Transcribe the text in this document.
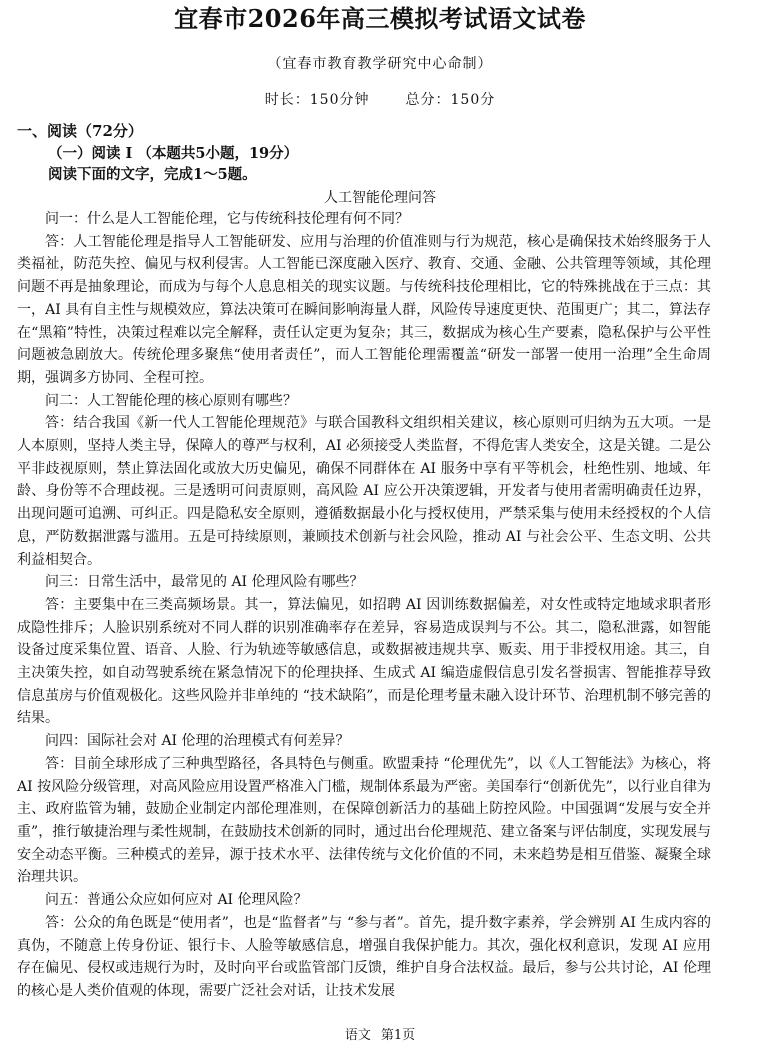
宜春市2026年高三模拟考试语文试卷
（宜春市教育教学研究中心命制）
时长：150分钟	总分：150分
一、阅读（72分）
（一）阅读 I （本题共5小题，19分）
阅读下面的文字，完成1～5题。
人工智能伦理问答

问一：什么是人工智能伦理，它与传统科技伦理有何不同？

答：人工智能伦理是指导人工智能研发、应用与治理的价值准则与行为规范，核心是确保技术始终服务于人类福祉，防范失控、偏见与权利侵害。人工智能已深度融入医疗、教育、交通、金融、公共管理等领域，其伦理问题不再是抽象理论，而成为与每个人息息相关的现实议题。与传统科技伦理相比，它的特殊挑战在于三点：其一，AI 具有自主性与规模效应，算法决策可在瞬间影响海量人群，风险传导速度更快、范围更广；其二，算法存在“黑箱”特性，决策过程难以完全解释，责任认定更为复杂；其三，数据成为核心生产要素，隐私保护与公平性问题被急剧放大。传统伦理多聚焦“使用者责任”，而人工智能伦理需覆盖“研发一部署一使用一治理”全生命周期，强调多方协同、全程可控。

问二：人工智能伦理的核心原则有哪些？

答：结合我国《新一代人工智能伦理规范》与联合国教科文组织相关建议，核心原则可归纳为五大项。一是人本原则，坚持人类主导，保障人的尊严与权利，AI 必须接受人类监督，不得危害人类安全，这是关键。二是公平非歧视原则，禁止算法固化或放大历史偏见，确保不同群体在 AI 服务中享有平等机会，杜绝性别、地域、年龄、身份等不合理歧视。三是透明可问责原则，高风险 AI 应公开决策逻辑，开发者与使用者需明确责任边界，出现问题可追溯、可纠正。四是隐私安全原则，遵循数据最小化与授权使用，严禁采集与使用未经授权的个人信息，严防数据泄露与滥用。五是可持续原则，兼顾技术创新与社会风险，推动 AI 与社会公平、生态文明、公共利益相契合。

问三：日常生活中，最常见的 AI 伦理风险有哪些？

答：主要集中在三类高频场景。其一，算法偏见，如招聘 AI 因训练数据偏差，对女性或特定地域求职者形成隐性排斥；人脸识别系统对不同人群的识别准确率存在差异，容易造成误判与不公。其二，隐私泄露，如智能设备过度采集位置、语音、人脸、行为轨迹等敏感信息，或数据被违规共享、贩卖、用于非授权用途。其三，自主决策失控，如自动驾驶系统在紧急情况下的伦理抉择、生成式 AI 编造虚假信息引发名誉损害、智能推荐导致信息茧房与价值观极化。这些风险并非单纯的 “技术缺陷”，而是伦理考量未融入设计环节、治理机制不够完善的结果。

问四：国际社会对 AI 伦理的治理模式有何差异？

答：目前全球形成了三种典型路径，各具特色与侧重。欧盟秉持 “伦理优先”，以《人工智能法》为核心，将 AI 按风险分级管理，对高风险应用设置严格准入门槛，规制体系最为严密。美国奉行“创新优先”，以行业自律为主、政府监管为辅，鼓励企业制定内部伦理准则，在保障创新活力的基础上防控风险。中国强调“发展与安全并重”，推行敏捷治理与柔性规制，在鼓励技术创新的同时，通过出台伦理规范、建立备案与评估制度，实现发展与安全动态平衡。三种模式的差异，源于技术水平、法律传统与文化价值的不同，未来趋势是相互借鉴、凝聚全球治理共识。

问五：普通公众应如何应对 AI 伦理风险？

答：公众的角色既是“使用者”，也是“监督者”与 “参与者”。首先，提升数字素养，学会辨别 AI 生成内容的真伪，不随意上传身份证、银行卡、人脸等敏感信息，增强自我保护能力。其次，强化权利意识，发现 AI 应用存在偏见、侵权或违规行为时，及时向平台或监管部门反馈，维护自身合法权益。最后，参与公共讨论，AI 伦理的核心是人类价值观的体现，需要广泛社会对话，让技术发展

语文 第1页
